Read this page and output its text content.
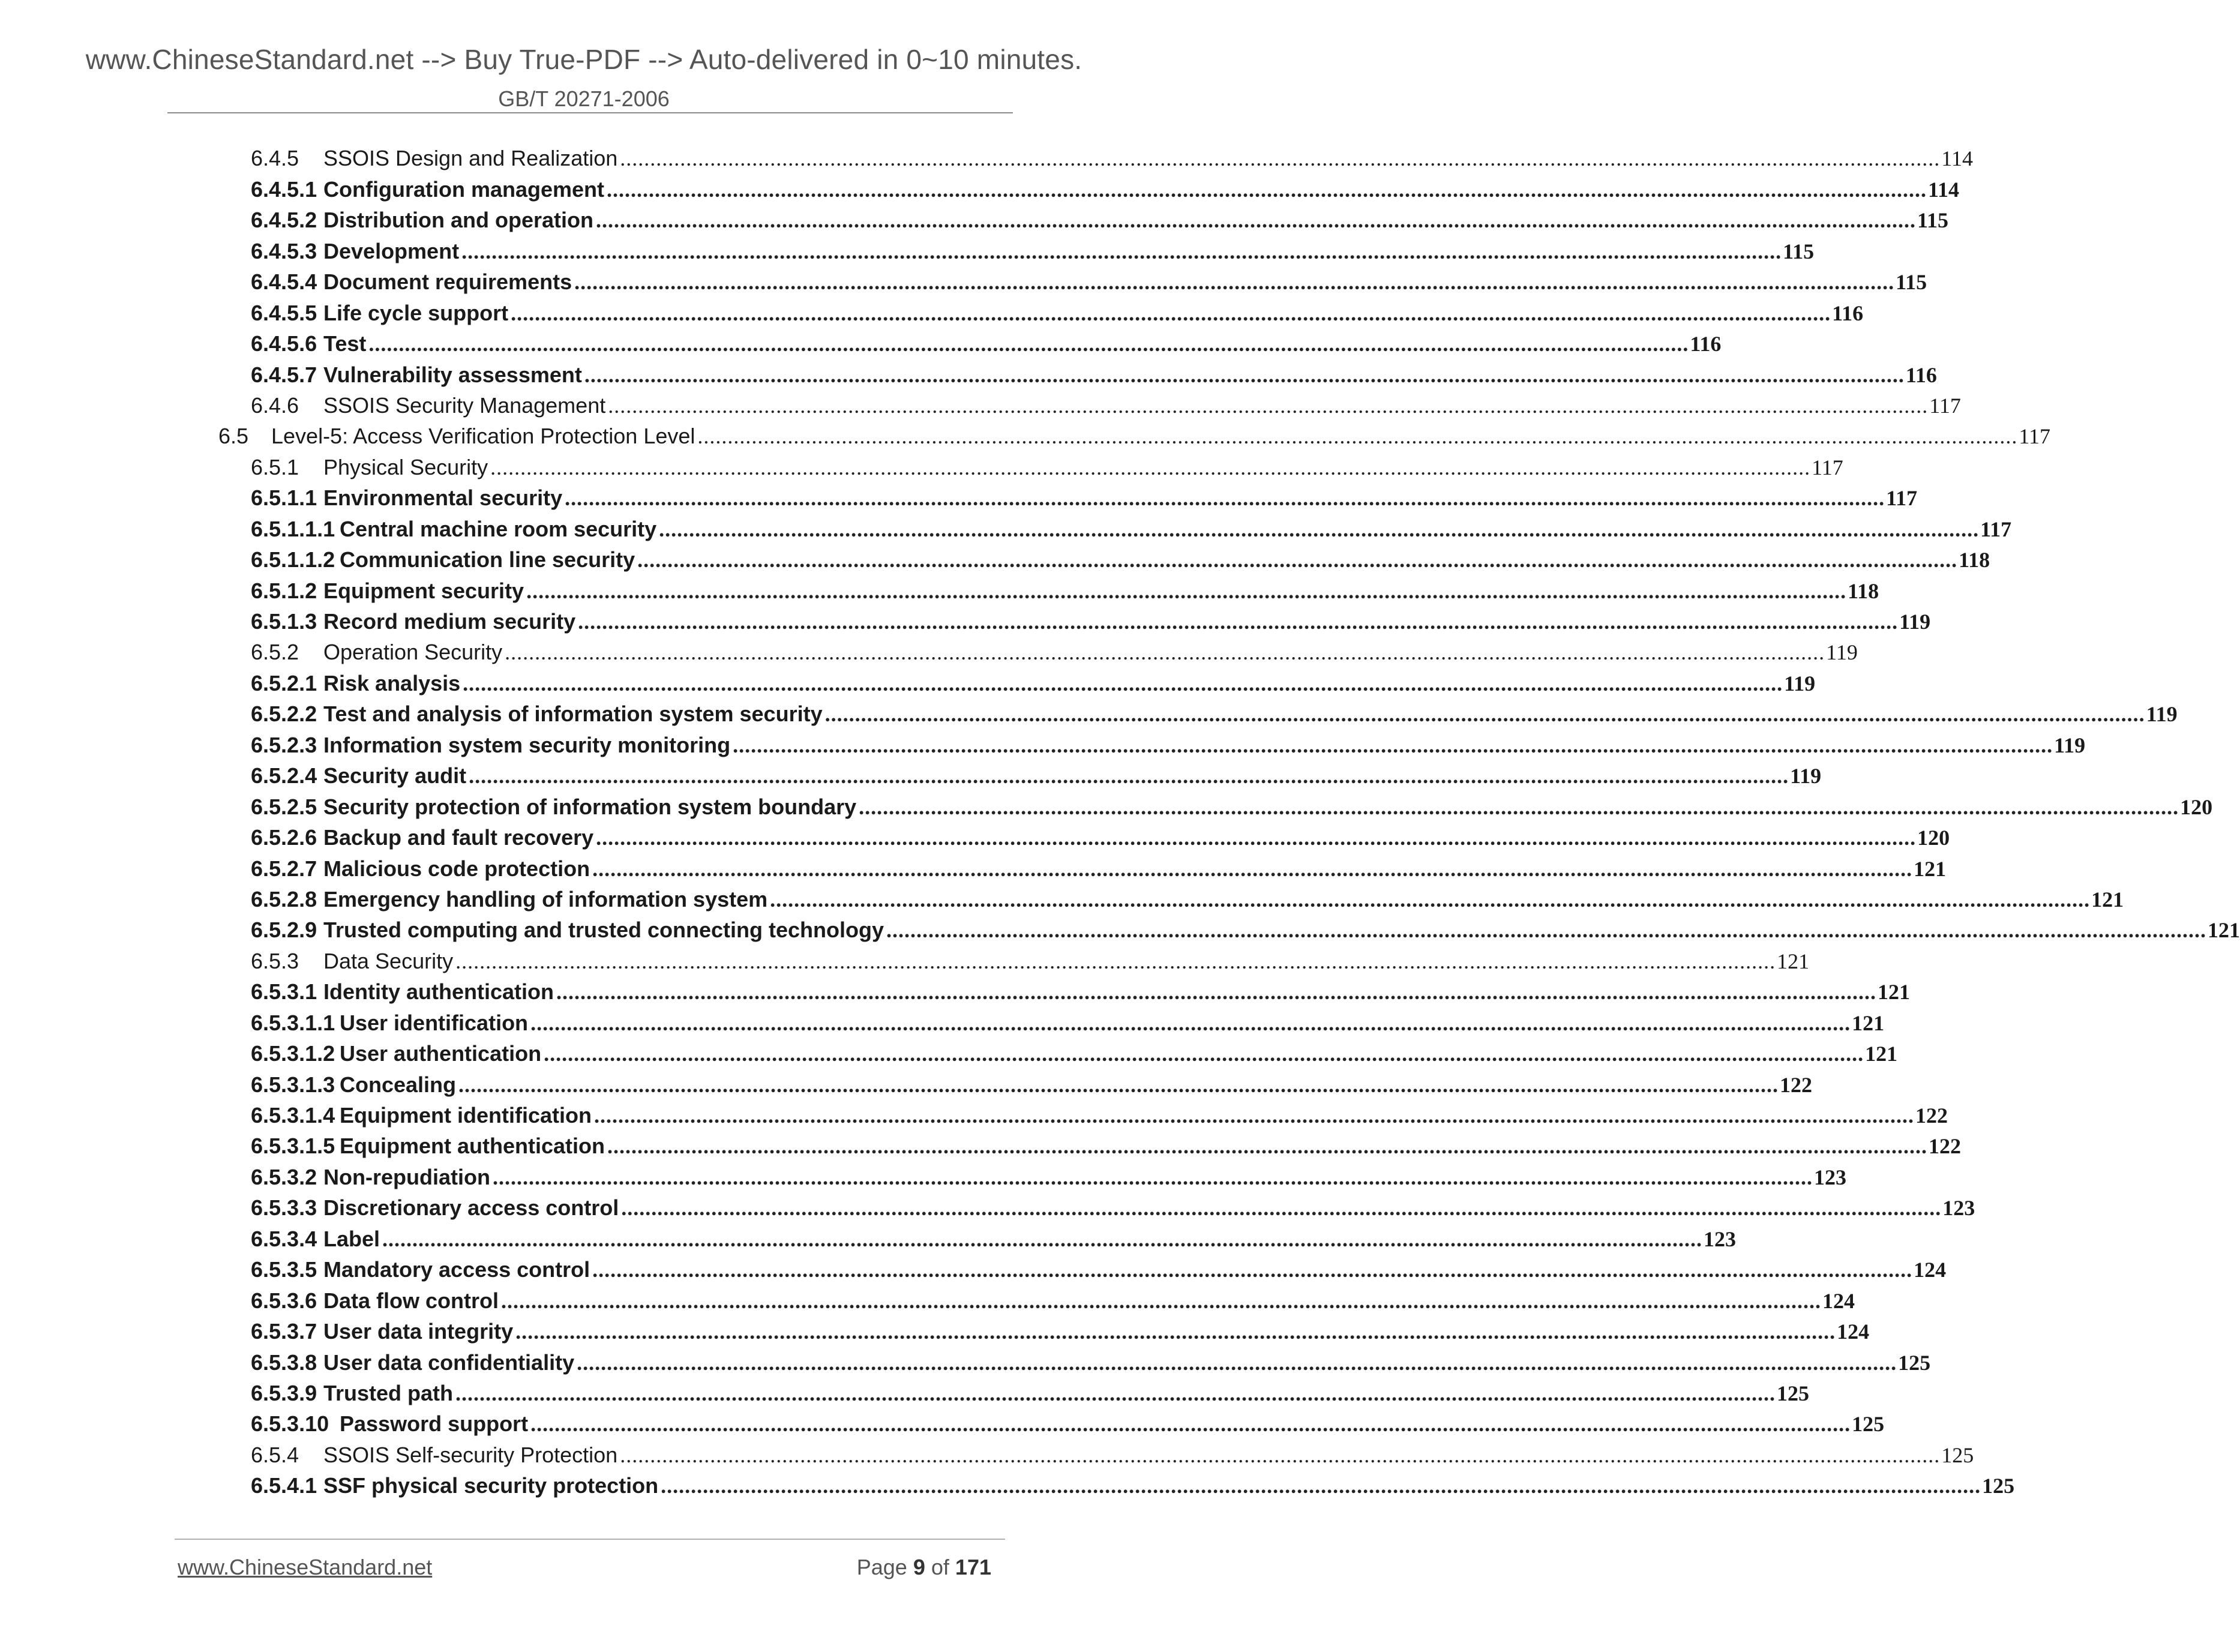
www.ChineseStandard.net --> Buy True-PDF --> Auto-delivered in 0~10 minutes.
GB/T 20271-2006
6.4.5	SSOIS Design and Realization ............................................................................................................................................................................................................................ 114
6.4.5.1 Configuration management ............................................................................................................................................................................................................................ 114
6.4.5.2 Distribution and operation ............................................................................................................................................................................................................................ 115
6.4.5.3 Development ............................................................................................................................................................................................................................ 115
6.4.5.4 Document requirements ............................................................................................................................................................................................................................ 115
6.4.5.5 Life cycle support ............................................................................................................................................................................................................................ 116
6.4.5.6 Test ............................................................................................................................................................................................................................ 116
6.4.5.7 Vulnerability assessment ............................................................................................................................................................................................................................ 116
6.4.6	SSOIS Security Management ............................................................................................................................................................................................................................ 117
6.5	Level-5: Access Verification Protection Level ............................................................................................................................................................................................................................ 117
6.5.1	Physical Security ............................................................................................................................................................................................................................ 117
6.5.1.1 Environmental security ............................................................................................................................................................................................................................ 117
6.5.1.1.1 Central machine room security ............................................................................................................................................................................................................................ 117
6.5.1.1.2 Communication line security ............................................................................................................................................................................................................................ 118
6.5.1.2 Equipment security ............................................................................................................................................................................................................................ 118
6.5.1.3 Record medium security ............................................................................................................................................................................................................................ 119
6.5.2	Operation Security ............................................................................................................................................................................................................................ 119
6.5.2.1 Risk analysis ............................................................................................................................................................................................................................ 119
6.5.2.2 Test and analysis of information system security ............................................................................................................................................................................................................................ 119
6.5.2.3 Information system security monitoring ............................................................................................................................................................................................................................ 119
6.5.2.4 Security audit ............................................................................................................................................................................................................................ 119
6.5.2.5 Security protection of information system boundary ............................................................................................................................................................................................................................ 120
6.5.2.6 Backup and fault recovery ............................................................................................................................................................................................................................ 120
6.5.2.7 Malicious code protection ............................................................................................................................................................................................................................ 121
6.5.2.8 Emergency handling of information system ............................................................................................................................................................................................................................ 121
6.5.2.9 Trusted computing and trusted connecting technology ............................................................................................................................................................................................................................ 121
6.5.3	Data Security ............................................................................................................................................................................................................................ 121
6.5.3.1 Identity authentication ............................................................................................................................................................................................................................ 121
6.5.3.1.1 User identification ............................................................................................................................................................................................................................ 121
6.5.3.1.2 User authentication ............................................................................................................................................................................................................................ 121
6.5.3.1.3 Concealing ............................................................................................................................................................................................................................ 122
6.5.3.1.4 Equipment identification ............................................................................................................................................................................................................................ 122
6.5.3.1.5 Equipment authentication ............................................................................................................................................................................................................................ 122
6.5.3.2 Non-repudiation ............................................................................................................................................................................................................................ 123
6.5.3.3 Discretionary access control ............................................................................................................................................................................................................................ 123
6.5.3.4 Label ............................................................................................................................................................................................................................ 123
6.5.3.5 Mandatory access control ............................................................................................................................................................................................................................ 124
6.5.3.6 Data flow control ............................................................................................................................................................................................................................ 124
6.5.3.7 User data integrity ............................................................................................................................................................................................................................ 124
6.5.3.8 User data confidentiality ............................................................................................................................................................................................................................ 125
6.5.3.9 Trusted path ............................................................................................................................................................................................................................ 125
6.5.3.10 Password support ............................................................................................................................................................................................................................ 125
6.5.4	SSOIS Self-security Protection ............................................................................................................................................................................................................................ 125
6.5.4.1 SSF physical security protection ............................................................................................................................................................................................................................ 125
www.ChineseStandard.net	Page 9 of 171
